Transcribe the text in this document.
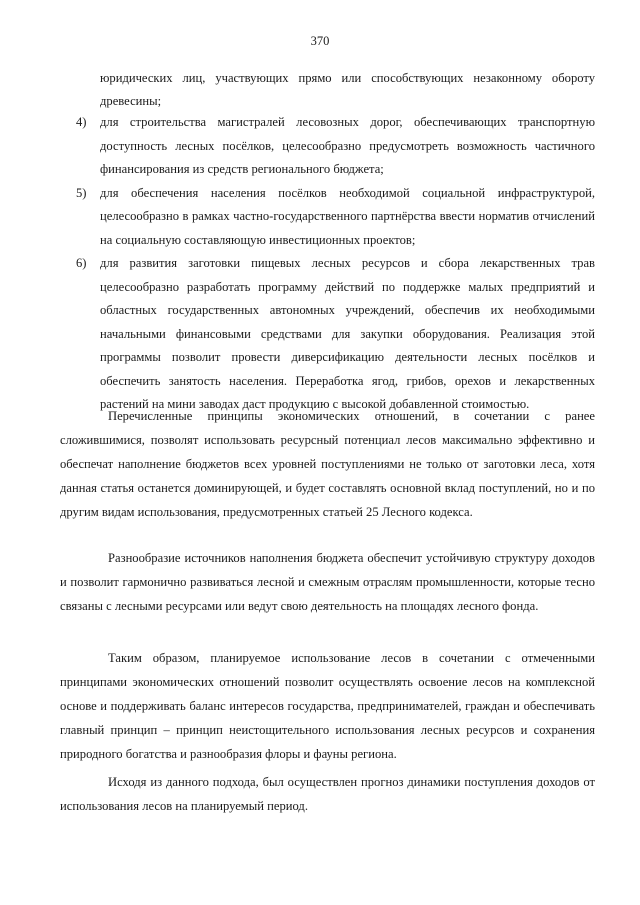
370

юридических лиц, участвующих прямо или способствующих незаконному обороту древесины;

4) для строительства магистралей лесовозных дорог, обеспечивающих транспортную доступность лесных посёлков, целесообразно предусмотреть возможность частичного финансирования из средств регионального бюджета;
5) для обеспечения населения посёлков необходимой социальной инфраструктурой, целесообразно в рамках частно-государственного партнёрства ввести норматив отчислений на социальную составляющую инвестиционных проектов;
6) для развития заготовки пищевых лесных ресурсов и сбора лекарственных трав целесообразно разработать программу действий по поддержке малых предприятий и областных государственных автономных учреждений, обеспечив их необходимыми начальными финансовыми средствами для закупки оборудования. Реализация этой программы позволит провести диверсификацию деятельности лесных посёлков и обеспечить занятость населения. Переработка ягод, грибов, орехов и лекарственных растений на мини заводах даст продукцию с высокой добавленной стоимостью.

Перечисленные принципы экономических отношений, в сочетании с ранее сложившимися, позволят использовать ресурсный потенциал лесов максимально эффективно и обеспечат наполнение бюджетов всех уровней поступлениями не только от заготовки леса, хотя данная статья останется доминирующей, и будет составлять основной вклад поступлений, но и по другим видам использования, предусмотренных статьей 25 Лесного кодекса.

Разнообразие источников наполнения бюджета обеспечит устойчивую структуру доходов и позволит гармонично развиваться лесной и смежным отраслям промышленности, которые тесно связаны с лесными ресурсами или ведут свою деятельность на площадях лесного фонда.

Таким образом, планируемое использование лесов в сочетании с отмеченными принципами экономических отношений позволит осуществлять освоение лесов на комплексной основе и поддерживать баланс интересов государства, предпринимателей, граждан и обеспечивать главный принцип – принцип неистощительного использования лесных ресурсов и сохранения природного богатства и разнообразия флоры и фауны региона.

Исходя из данного подхода, был осуществлен прогноз динамики поступления доходов от использования лесов на планируемый период.
